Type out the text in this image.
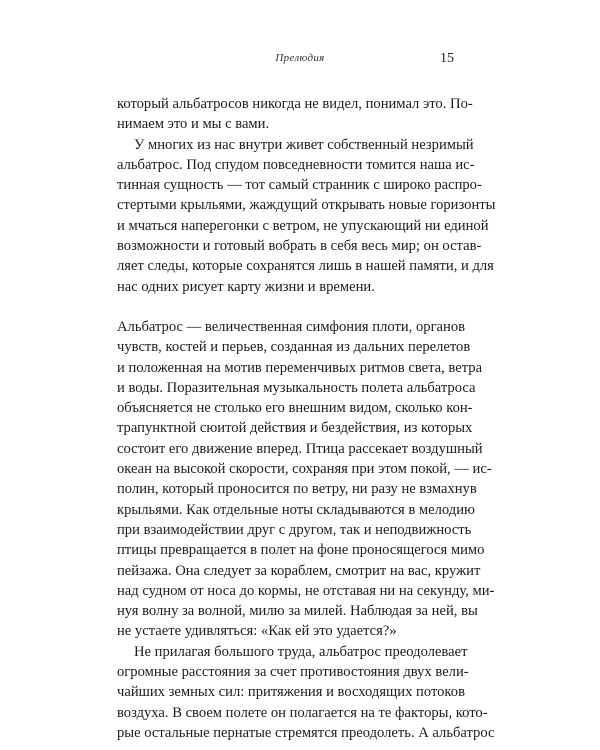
Прелюдия	15
который альбатросов никогда не видел, понимал это. По-
нимаем это и мы с вами.
У многих из нас внутри живет собственный незримый
альбатрос. Под спудом повседневности томится наша ис-
тинная сущность — тот самый странник с широко распро-
стертыми крыльями, жаждущий открывать новые горизонты
и мчаться наперегонки с ветром, не упускающий ни единой
возможности и готовый вобрать в себя весь мир; он остав-
ляет следы, которые сохранятся лишь в нашей памяти, и для
нас одних рисует карту жизни и времени.
Альбатрос — величественная симфония плоти, органов
чувств, костей и перьев, созданная из дальних перелетов
и положенная на мотив переменчивых ритмов света, ветра
и воды. Поразительная музыкальность полета альбатроса
объясняется не столько его внешним видом, сколько кон-
трапунктной сюитой действия и бездействия, из которых
состоит его движение вперед. Птица рассекает воздушный
океан на высокой скорости, сохраняя при этом покой, — ис-
полин, который проносится по ветру, ни разу не взмахнув
крыльями. Как отдельные ноты складываются в мелодию
при взаимодействии друг с другом, так и неподвижность
птицы превращается в полет на фоне проносящегося мимо
пейзажа. Она следует за кораблем, смотрит на вас, кружит
над судном от носа до кормы, не отставая ни на секунду, ми-
нуя волну за волной, милю за милей. Наблюдая за ней, вы
не устаете удивляться: «Как ей это удается?»
Не прилагая большого труда, альбатрос преодолевает
огромные расстояния за счет противостояния двух вели-
чайших земных сил: притяжения и восходящих потоков
воздуха. В своем полете он полагается на те факторы, кото-
рые остальные пернатые стремятся преодолеть. А альбатрос
